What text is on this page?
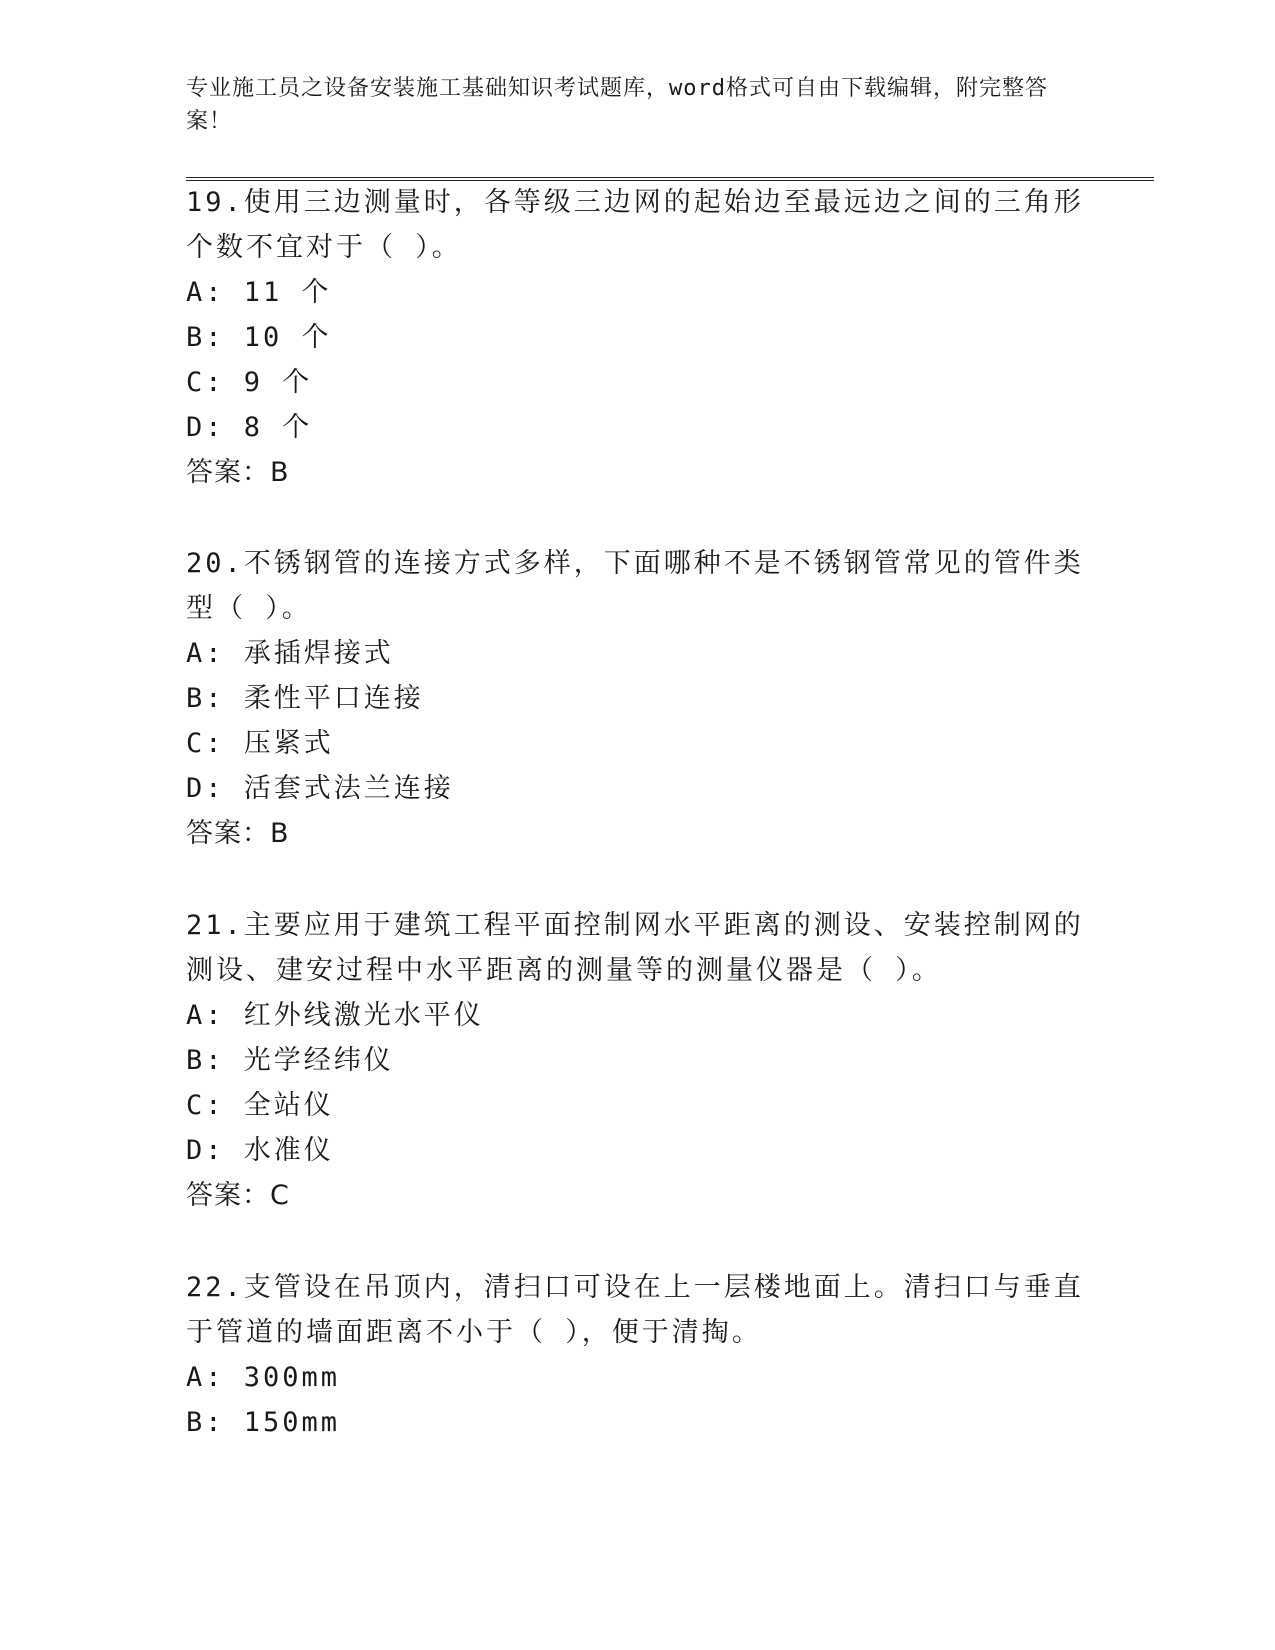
专业施工员之设备安装施工基础知识考试题库，word格式可自由下载编辑，附完整答案！

19.使用三边测量时，各等级三边网的起始边至最远边之间的三角形个数不宜对于（ ）。

A: 11 个

B: 10 个

C: 9 个

D: 8 个

答案：B

20.不锈钢管的连接方式多样，下面哪种不是不锈钢管常见的管件类型（ ）。

A: 承插焊接式

B: 柔性平口连接

C: 压紧式

D: 活套式法兰连接

答案：B

21.主要应用于建筑工程平面控制网水平距离的测设、安装控制网的测设、建安过程中水平距离的测量等的测量仪器是（ ）。

A: 红外线激光水平仪

B: 光学经纬仪

C: 全站仪

D: 水准仪

答案：C

22.支管设在吊顶内，清扫口可设在上一层楼地面上。清扫口与垂直于管道的墙面距离不小于（ ），便于清掏。

A: 300mm

B: 150mm
